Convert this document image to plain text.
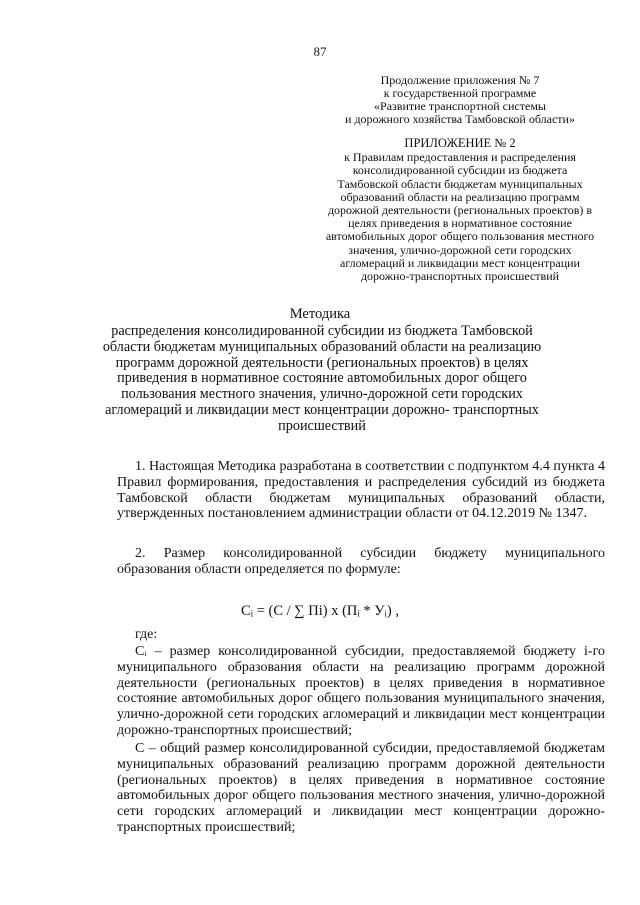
87
Продолжение приложения № 7
к государственной программе
«Развитие транспортной системы
и дорожного хозяйства Тамбовской области»
ПРИЛОЖЕНИЕ № 2
к Правилам предоставления и распределения
консолидированной субсидии из бюджета
Тамбовской области бюджетам муниципальных
образований области на реализацию программ
дорожной деятельности (региональных проектов) в
целях приведения в нормативное состояние
автомобильных дорог общего пользования местного
значения, улично-дорожной сети городских
агломераций и ликвидации мест концентрации
дорожно-транспортных происшествий
Методика
распределения консолидированной субсидии из бюджета Тамбовской области бюджетам муниципальных образований области на реализацию программ дорожной деятельности (региональных проектов) в целях приведения в нормативное состояние автомобильных дорог общего пользования местного значения, улично-дорожной сети городских агломераций и ликвидации мест концентрации дорожно- транспортных происшествий

1. Настоящая Методика разработана в соответствии с подпунктом 4.4 пункта 4 Правил формирования, предоставления и распределения субсидий из бюджета Тамбовской области бюджетам муниципальных образований области, утвержденных постановлением администрации области от 04.12.2019 № 1347.

2. Размер консолидированной субсидии бюджету муниципального образования области определяется по формуле:

Cᵢ = (C / ∑ Пi) х (Пᵢ * Уᵢ) ,
где:

Cᵢ – размер консолидированной субсидии, предоставляемой бюджету i-го муниципального образования области на реализацию программ дорожной деятельности (региональных проектов) в целях приведения в нормативное состояние автомобильных дорог общего пользования муниципального значения, улично-дорожной сети городских агломераций и ликвидации мест концентрации дорожно-транспортных происшествий;

С – общий размер консолидированной субсидии, предоставляемой бюджетам муниципальных образований реализацию программ дорожной деятельности (региональных проектов) в целях приведения в нормативное состояние автомобильных дорог общего пользования местного значения, улично-дорожной сети городских агломераций и ликвидации мест концентрации дорожно-транспортных происшествий;
